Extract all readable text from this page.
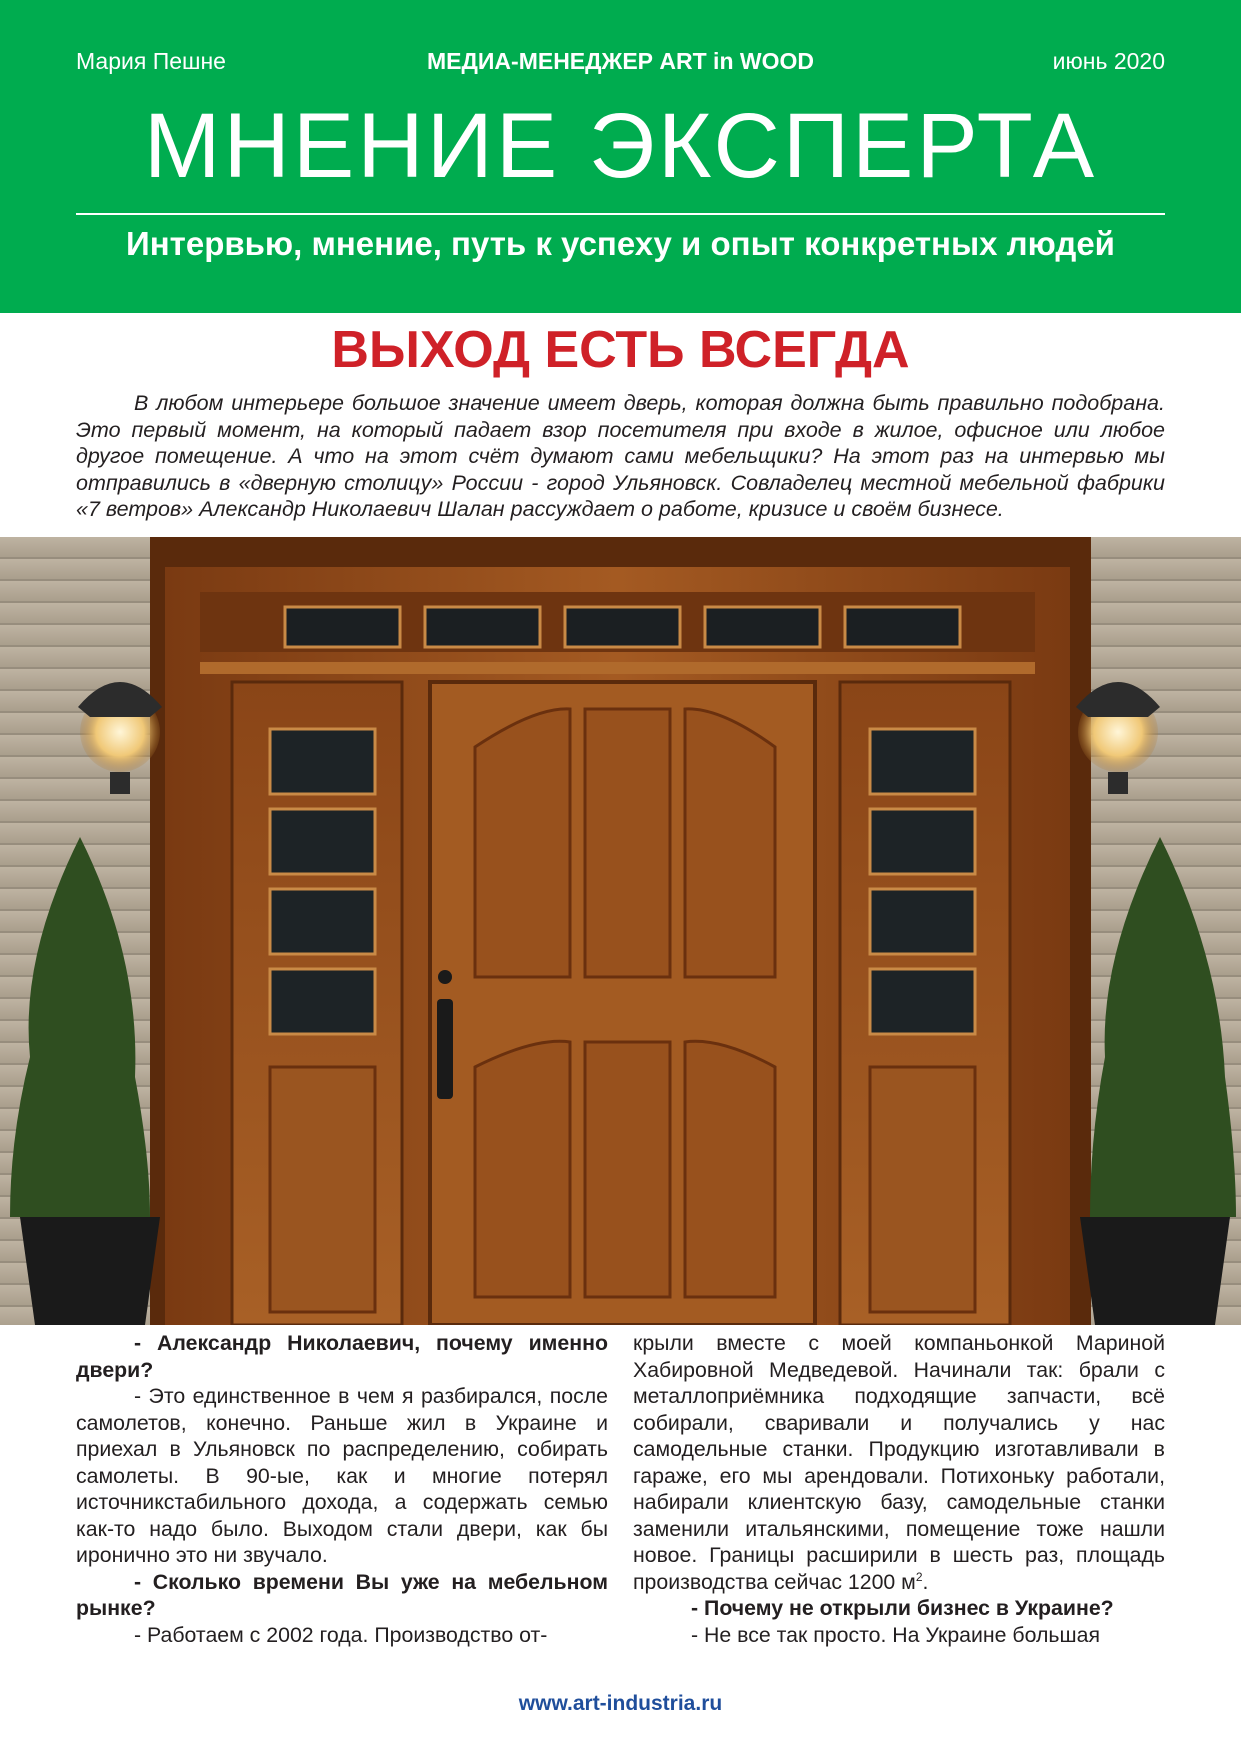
Мария Пешне	МЕДИА-МЕНЕДЖЕР ART in WOOD	июнь 2020
МНЕНИЕ ЭКСПЕРТА
Интервью, мнение, путь к успеху и опыт конкретных людей
ВЫХОД ЕСТЬ ВСЕГДА

В любом интерьере большое значение имеет дверь, которая должна быть правильно подобрана. Это первый момент, на который падает взор посетителя при входе в жилое, офисное или любое другое помещение. А что на этот счёт думают сами мебельщики? На этот раз на интервью мы отправились в «дверную столицу» России - город Ульяновск. Совладелец местной мебельной фабрики «7 ветров» Александр Николаевич Шалан рассуждает о работе, кризисе и своём бизнесе.

- Александр Николаевич, почему именно двери?

- Это единственное в чем я разбирался, после самолетов, конечно. Раньше жил в Украине и приехал в Ульяновск по распределению, собирать самолеты. В 90-ые, как и многие потерял источникстабильного дохода, а содержать семью как-то надо было. Выходом стали двери, как бы иронично это ни звучало.

- Сколько времени Вы уже на мебельном рынке?

- Работаем с 2002 года. Производство от-

крыли вместе с моей компаньонкой Мариной Хабировной Медведевой. Начинали так: брали с металлоприёмника подходящие запчасти, всё собирали, сваривали и получались у нас самодельные станки. Продукцию изготавливали в гараже, его мы арендовали. Потихоньку работали, набирали клиентскую базу, самодельные станки заменили итальянскими, помещение тоже нашли новое. Границы расширили в шесть раз, площадь производства сейчас 1200 $м^2$.

- Почему не открыли бизнес в Украине?

- Не все так просто. На Украине большая

www.art-industria.ru
